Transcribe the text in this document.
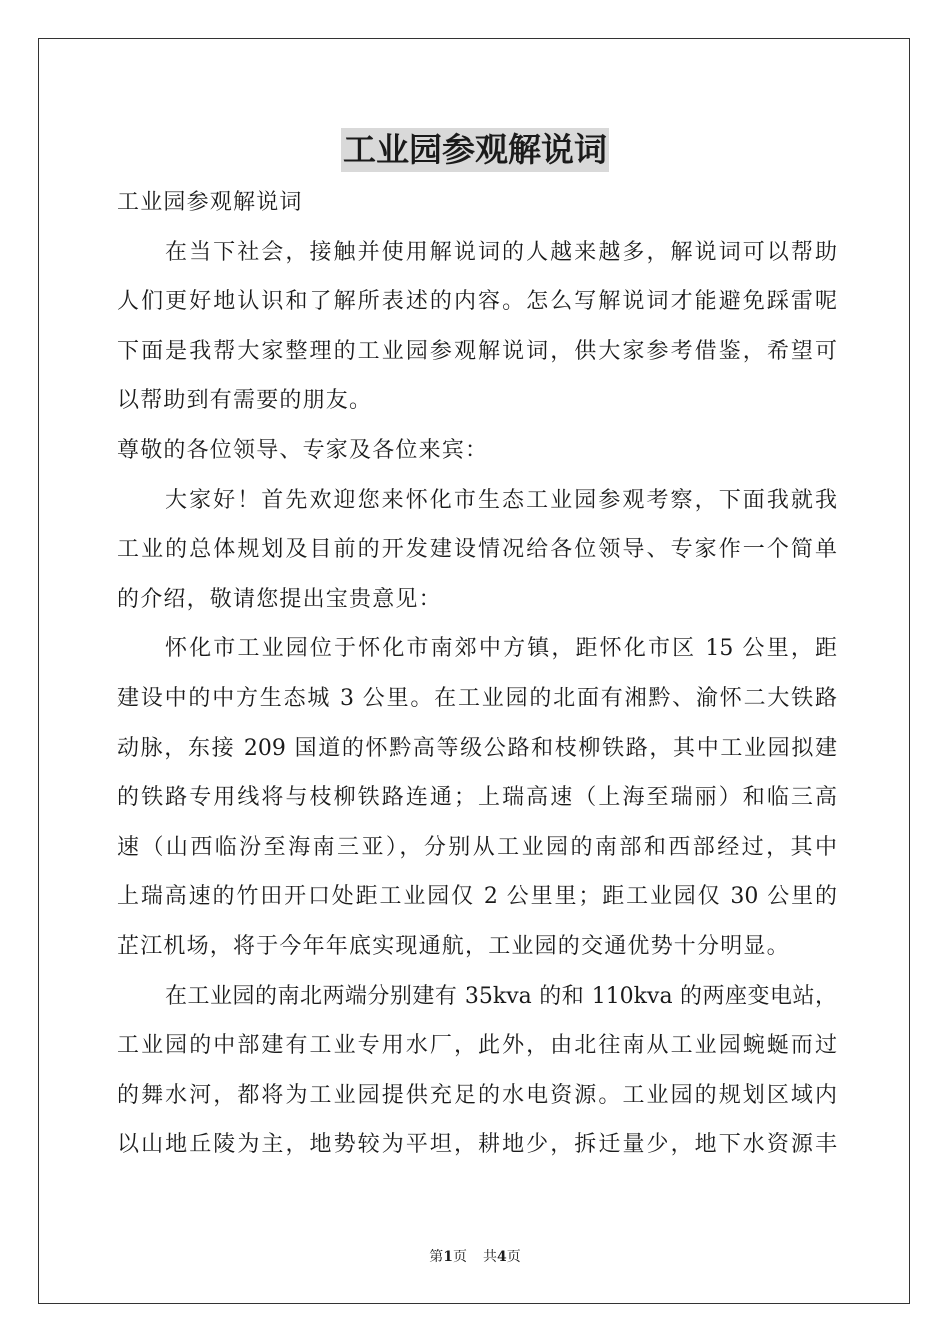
工业园参观解说词
工业园参观解说词
在当下社会，接触并使用解说词的人越来越多，解说词可以帮助
人们更好地认识和了解所表述的内容。怎么写解说词才能避免踩雷呢
下面是我帮大家整理的工业园参观解说词，供大家参考借鉴，希望可
以帮助到有需要的朋友。
尊敬的各位领导、专家及各位来宾：
大家好！首先欢迎您来怀化市生态工业园参观考察，下面我就我
工业的总体规划及目前的开发建设情况给各位领导、专家作一个简单
的介绍，敬请您提出宝贵意见：
怀化市工业园位于怀化市南郊中方镇，距怀化市区 15 公里，距
建设中的中方生态城 3 公里。在工业园的北面有湘黔、渝怀二大铁路
动脉，东接 209 国道的怀黔高等级公路和枝柳铁路，其中工业园拟建
的铁路专用线将与枝柳铁路连通；上瑞高速（上海至瑞丽）和临三高
速（山西临汾至海南三亚），分别从工业园的南部和西部经过，其中
上瑞高速的竹田开口处距工业园仅 2 公里里；距工业园仅 30 公里的
芷江机场，将于今年年底实现通航，工业园的交通优势十分明显。
在工业园的南北两端分别建有 35kva 的和 110kva 的两座变电站，
工业园的中部建有工业专用水厂，此外，由北往南从工业园蜿蜒而过
的舞水河，都将为工业园提供充足的水电资源。工业园的规划区域内
以山地丘陵为主，地势较为平坦，耕地少，拆迁量少，地下水资源丰
第1页 共4页
